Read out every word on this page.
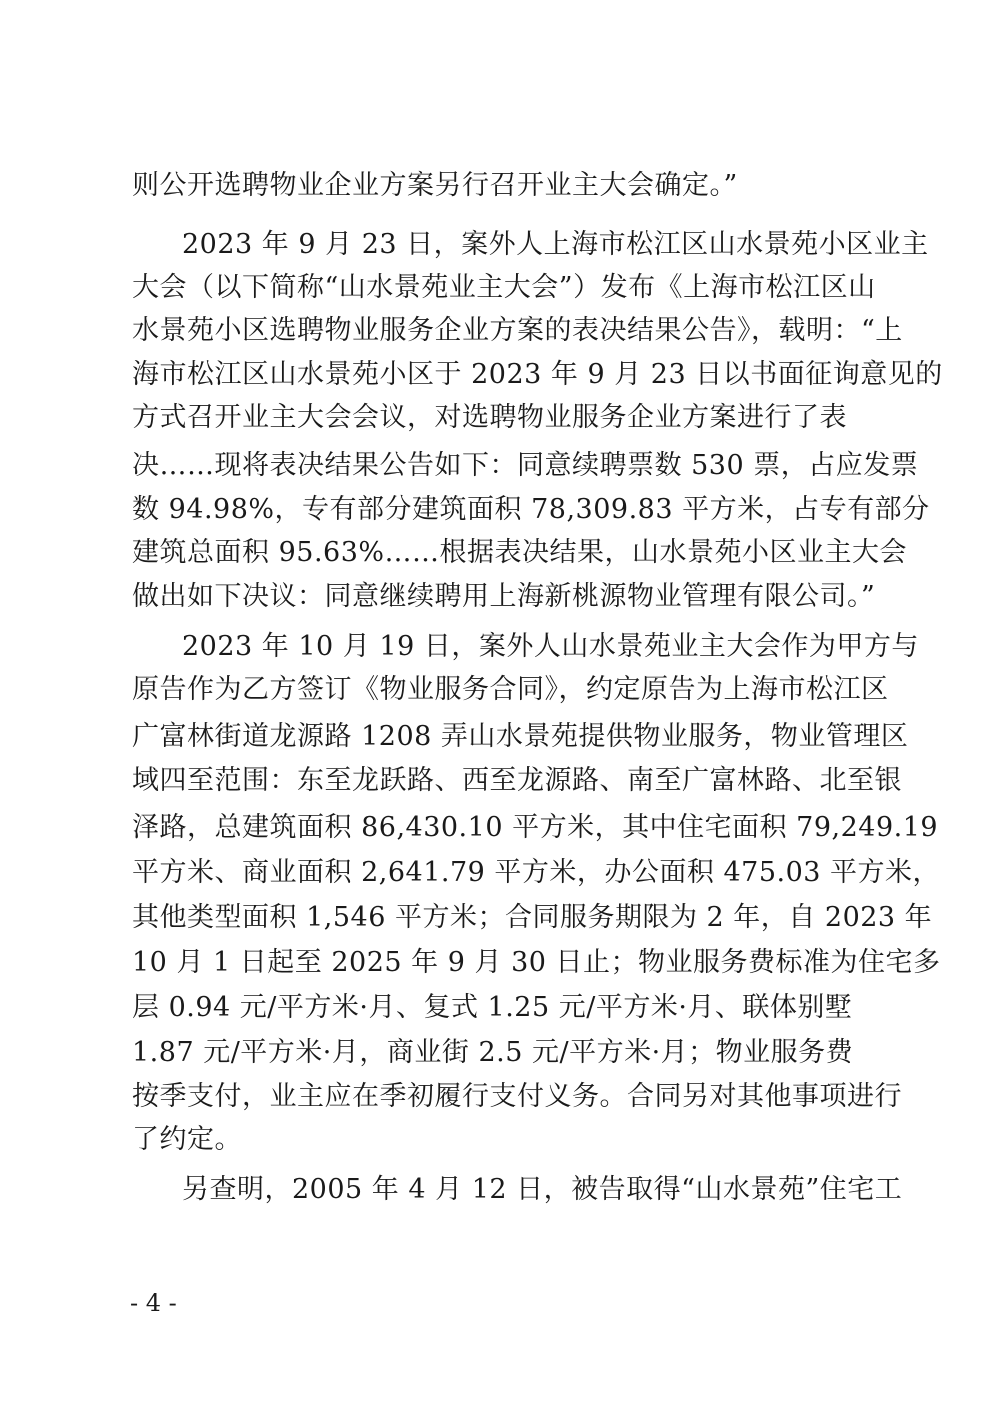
则公开选聘物业企业方案另行召开业主大会确定。”
2023 年 9 月 23 日，案外人上海市松江区山水景苑小区业主
大会（以下简称“山水景苑业主大会”）发布《上海市松江区山
水景苑小区选聘物业服务企业方案的表决结果公告》，载明：“上
海市松江区山水景苑小区于 2023 年 9 月 23 日以书面征询意见的
方式召开业主大会会议，对选聘物业服务企业方案进行了表
决……现将表决结果公告如下：同意续聘票数 530 票，占应发票
数 94.98%，专有部分建筑面积 78,309.83 平方米，占专有部分
建筑总面积 95.63%……根据表决结果，山水景苑小区业主大会
做出如下决议：同意继续聘用上海新桃源物业管理有限公司。”
2023 年 10 月 19 日，案外人山水景苑业主大会作为甲方与
原告作为乙方签订《物业服务合同》，约定原告为上海市松江区
广富林街道龙源路 1208 弄山水景苑提供物业服务，物业管理区
域四至范围：东至龙跃路、西至龙源路、南至广富林路、北至银
泽路，总建筑面积 86,430.10 平方米，其中住宅面积 79,249.19
平方米、商业面积 2,641.79 平方米，办公面积 475.03 平方米，
其他类型面积 1,546 平方米；合同服务期限为 2 年，自 2023 年
10 月 1 日起至 2025 年 9 月 30 日止；物业服务费标准为住宅多
层 0.94 元/平方米·月、复式 1.25 元/平方米·月、联体别墅
1.87 元/平方米·月，商业街 2.5 元/平方米·月；物业服务费
按季支付，业主应在季初履行支付义务。合同另对其他事项进行
了约定。
另查明，2005 年 4 月 12 日，被告取得“山水景苑”住宅工
- 4 -
